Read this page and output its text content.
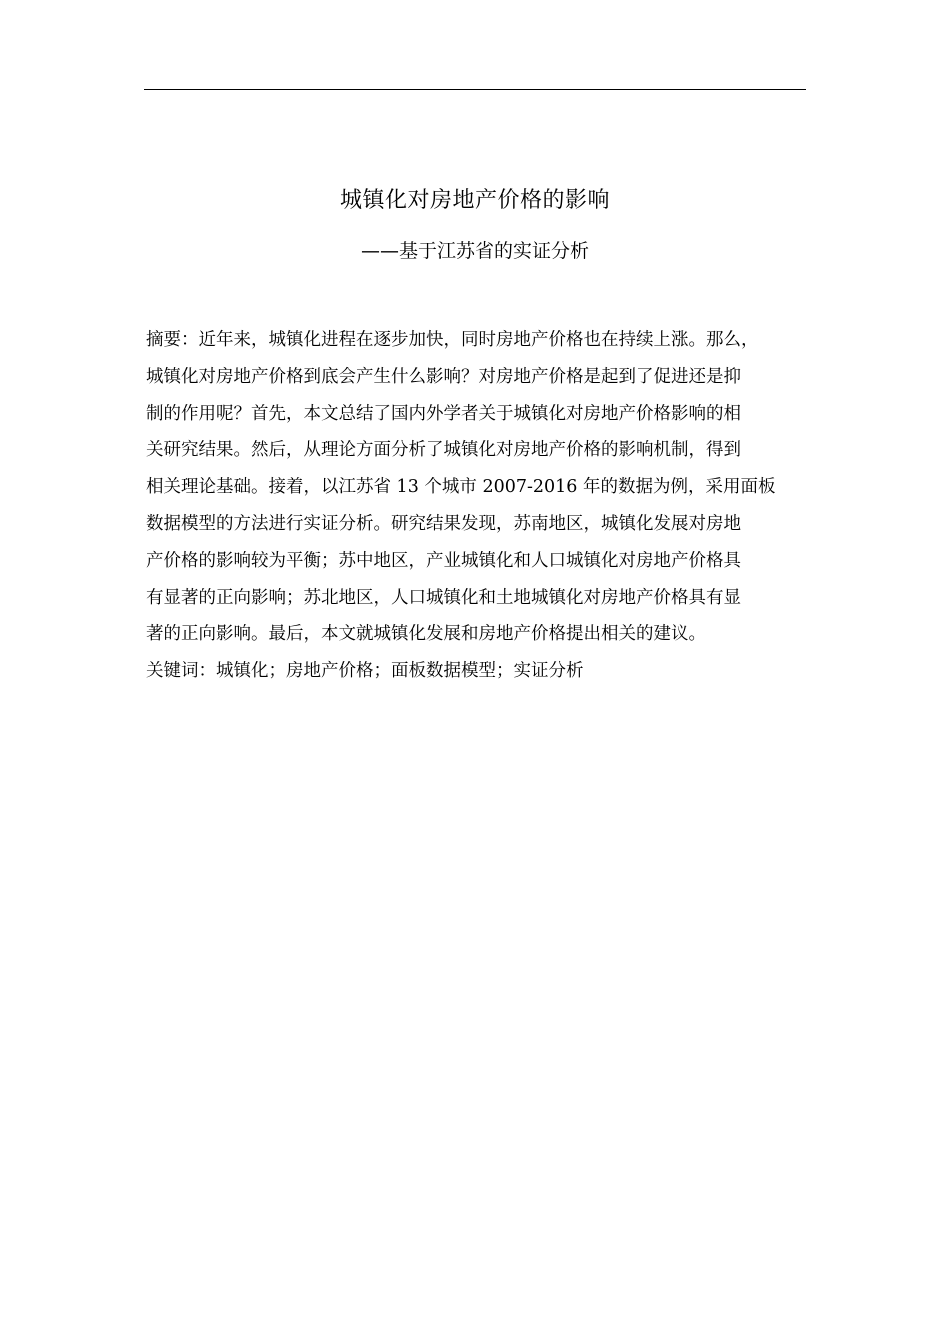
城镇化对房地产价格的影响
——基于江苏省的实证分析
摘要：近年来，城镇化进程在逐步加快，同时房地产价格也在持续上涨。那么，
城镇化对房地产价格到底会产生什么影响？对房地产价格是起到了促进还是抑
制的作用呢？首先，本文总结了国内外学者关于城镇化对房地产价格影响的相
关研究结果。然后，从理论方面分析了城镇化对房地产价格的影响机制，得到
相关理论基础。接着，以江苏省 13 个城市 2007-2016 年的数据为例，采用面板
数据模型的方法进行实证分析。研究结果发现，苏南地区，城镇化发展对房地
产价格的影响较为平衡；苏中地区，产业城镇化和人口城镇化对房地产价格具
有显著的正向影响；苏北地区，人口城镇化和土地城镇化对房地产价格具有显
著的正向影响。最后，本文就城镇化发展和房地产价格提出相关的建议。
关键词：城镇化；房地产价格；面板数据模型；实证分析
